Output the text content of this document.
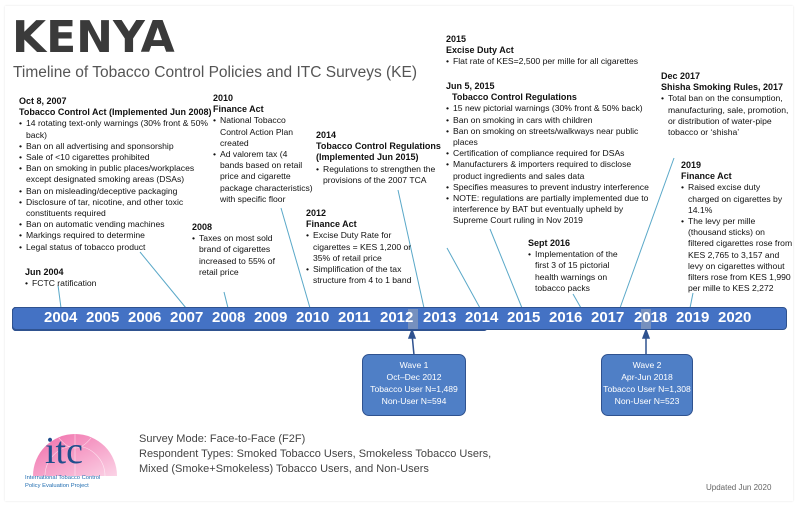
KENYA
Timeline of Tobacco Control Policies and ITC Surveys (KE)
Oct 8, 2007
Tobacco Control Act (Implemented Jun 2008)
• 14 rotating text-only warnings (30% front & 50% back)
• Ban on all advertising and sponsorship
• Sale of <10 cigarettes prohibited
• Ban on smoking in public places/workplaces except designated smoking areas (DSAs)
• Ban on misleading/deceptive packaging
• Disclosure of tar, nicotine, and other toxic constituents required
• Ban on automatic vending machines
• Markings required to determine
• Legal status of tobacco product
Jun 2004
• FCTC ratification
2008
• Taxes on most sold brand of cigarettes increased to 55% of retail price
2010
Finance Act
• National Tobacco Control Action Plan created
• Ad valorem tax (4 bands based on retail price and cigarette package characteristics) with specific floor
2012
Finance Act
• Excise Duty Rate for cigarettes = KES 1,200 or 35% of retail price
• Simplification of the tax structure from 4 to 1 band
2014
Tobacco Control Regulations (Implemented Jun 2015)
• Regulations to strengthen the provisions of the 2007 TCA
2015
Excise Duty Act
• Flat rate of KES=2,500 per mille for all cigarettes
Jun 5, 2015
Tobacco Control Regulations
• 15 new pictorial warnings (30% front & 50% back)
• Ban on smoking in cars with children
• Ban on smoking on streets/walkways near public places
• Certification of compliance required for DSAs
• Manufacturers & importers required to disclose product ingredients and sales data
• Specifies measures to prevent industry interference
• NOTE: regulations are partially implemented due to interference by BAT but eventually upheld by Supreme Court ruling in Nov 2019
Sept 2016
• Implementation of the first 3 of 15 pictorial health warnings on tobacco packs
Dec 2017
Shisha Smoking Rules, 2017
• Total ban on the consumption, manufacturing, sale, promotion, or distribution of water-pipe tobacco or ‘shisha’
2019
Finance Act
• Raised excise duty charged on cigarettes by 14.1%
• The levy per mille (thousand sticks) on filtered cigarettes rose from KES 2,765 to 3,157 and levy on cigarettes without filters rose from KES 1,990 per mille to KES 2,272
2004 2005 2006 2007 2008 2009 2010 2011 2012 2013 2014 2015 2016 2017 2018 2019 2020
Wave 1
Oct–Dec 2012
Tobacco User N=1,489
Non-User N=594
Wave 2
Apr-Jun 2018
Tobacco User N=1,308
Non-User N=523
itc
International Tobacco Control
Policy Evaluation Project
Survey Mode: Face-to-Face (F2F)
Respondent Types: Smoked Tobacco Users, Smokeless Tobacco Users,
Mixed (Smoke+Smokeless) Tobacco Users, and Non-Users
Updated Jun 2020
